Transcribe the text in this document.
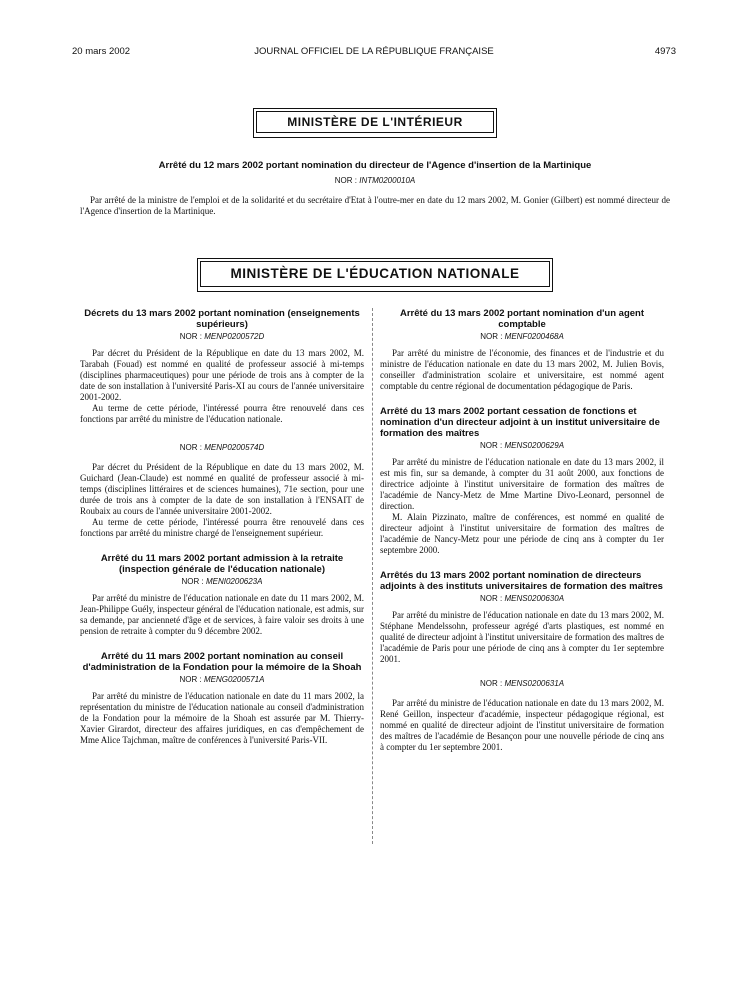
20 mars 2002	JOURNAL OFFICIEL DE LA RÉPUBLIQUE FRANÇAISE	4973
MINISTÈRE DE L'INTÉRIEUR
Arrêté du 12 mars 2002 portant nomination du directeur de l'Agence d'insertion de la Martinique
NOR : INTM0200010A
Par arrêté de la ministre de l'emploi et de la solidarité et du secrétaire d'Etat à l'outre-mer en date du 12 mars 2002, M. Gonier (Gilbert) est nommé directeur de l'Agence d'insertion de la Martinique.
MINISTÈRE DE L'ÉDUCATION NATIONALE
Décrets du 13 mars 2002 portant nomination (enseignements supérieurs)
NOR : MENP0200572D

Par décret du Président de la République en date du 13 mars 2002, M. Tarabah (Fouad) est nommé en qualité de professeur associé à mi-temps (disciplines pharmaceutiques) pour une période de trois ans à compter de la date de son installation à l'université Paris-XI au cours de l'année universitaire 2001-2002.

Au terme de cette période, l'intéressé pourra être renouvelé dans ces fonctions par arrêté du ministre de l'éducation nationale.

NOR : MENP0200574D

Par décret du Président de la République en date du 13 mars 2002, M. Guichard (Jean-Claude) est nommé en qualité de professeur associé à mi-temps (disciplines littéraires et de sciences humaines), 71e section, pour une durée de trois ans à compter de la date de son installation à l'ENSAIT de Roubaix au cours de l'année universitaire 2001-2002.

Au terme de cette période, l'intéressé pourra être renouvelé dans ces fonctions par arrêté du ministre chargé de l'enseignement supérieur.

Arrêté du 11 mars 2002 portant admission à la retraite (inspection générale de l'éducation nationale)
NOR : MENI0200623A

Par arrêté du ministre de l'éducation nationale en date du 11 mars 2002, M. Jean-Philippe Guély, inspecteur général de l'éducation nationale, est admis, sur sa demande, par ancienneté d'âge et de services, à faire valoir ses droits à une pension de retraite à compter du 9 décembre 2002.

Arrêté du 11 mars 2002 portant nomination au conseil d'administration de la Fondation pour la mémoire de la Shoah
NOR : MENG0200571A

Par arrêté du ministre de l'éducation nationale en date du 11 mars 2002, la représentation du ministre de l'éducation nationale au conseil d'administration de la Fondation pour la mémoire de la Shoah est assurée par M. Thierry-Xavier Girardot, directeur des affaires juridiques, en cas d'empêchement de Mme Alice Tajchman, maître de conférences à l'université Paris-VII.

Arrêté du 13 mars 2002 portant nomination d'un agent comptable
NOR : MENF0200468A

Par arrêté du ministre de l'économie, des finances et de l'industrie et du ministre de l'éducation nationale en date du 13 mars 2002, M. Julien Bovis, conseiller d'administration scolaire et universitaire, est nommé agent comptable du centre régional de documentation pédagogique de Paris.

Arrêté du 13 mars 2002 portant cessation de fonctions et nomination d'un directeur adjoint à un institut universitaire de formation des maîtres
NOR : MENS0200629A

Par arrêté du ministre de l'éducation nationale en date du 13 mars 2002, il est mis fin, sur sa demande, à compter du 31 août 2000, aux fonctions de directrice adjointe à l'institut universitaire de formation des maîtres de l'académie de Nancy-Metz de Mme Martine Divo-Leonard, personnel de direction.

M. Alain Pizzinato, maître de conférences, est nommé en qualité de directeur adjoint à l'institut universitaire de formation des maîtres de l'académie de Nancy-Metz pour une période de cinq ans à compter du 1er septembre 2000.

Arrêtés du 13 mars 2002 portant nomination de directeurs adjoints à des instituts universitaires de formation des maîtres
NOR : MENS0200630A

Par arrêté du ministre de l'éducation nationale en date du 13 mars 2002, M. Stéphane Mendelssohn, professeur agrégé d'arts plastiques, est nommé en qualité de directeur adjoint à l'institut universitaire de formation des maîtres de l'académie de Paris pour une période de cinq ans à compter du 1er septembre 2001.

NOR : MENS0200631A

Par arrêté du ministre de l'éducation nationale en date du 13 mars 2002, M. René Geillon, inspecteur d'académie, inspecteur pédagogique régional, est nommé en qualité de directeur adjoint de l'institut universitaire de formation des maîtres de l'académie de Besançon pour une nouvelle période de cinq ans à compter du 1er septembre 2001.
